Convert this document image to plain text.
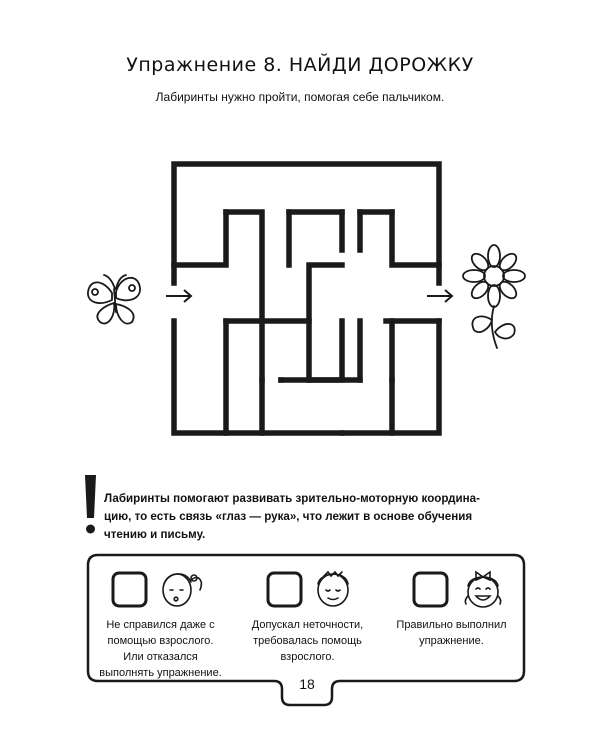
Упражнение 8. НАЙДИ ДОРОЖКУ
Лабиринты нужно пройти, помогая себе пальчиком.

Лабиринты помогают развивать зрительно-моторную координа-

цию, то есть связь «глаз — рука», что лежит в основе обучения

чтению и письму.

Не справился даже с
помощью взрослого.
Или отказался
выполнять упражнение.
Допускал неточности,
требовалась помощь
взрослого.
Правильно выполнил
упражнение.
18
